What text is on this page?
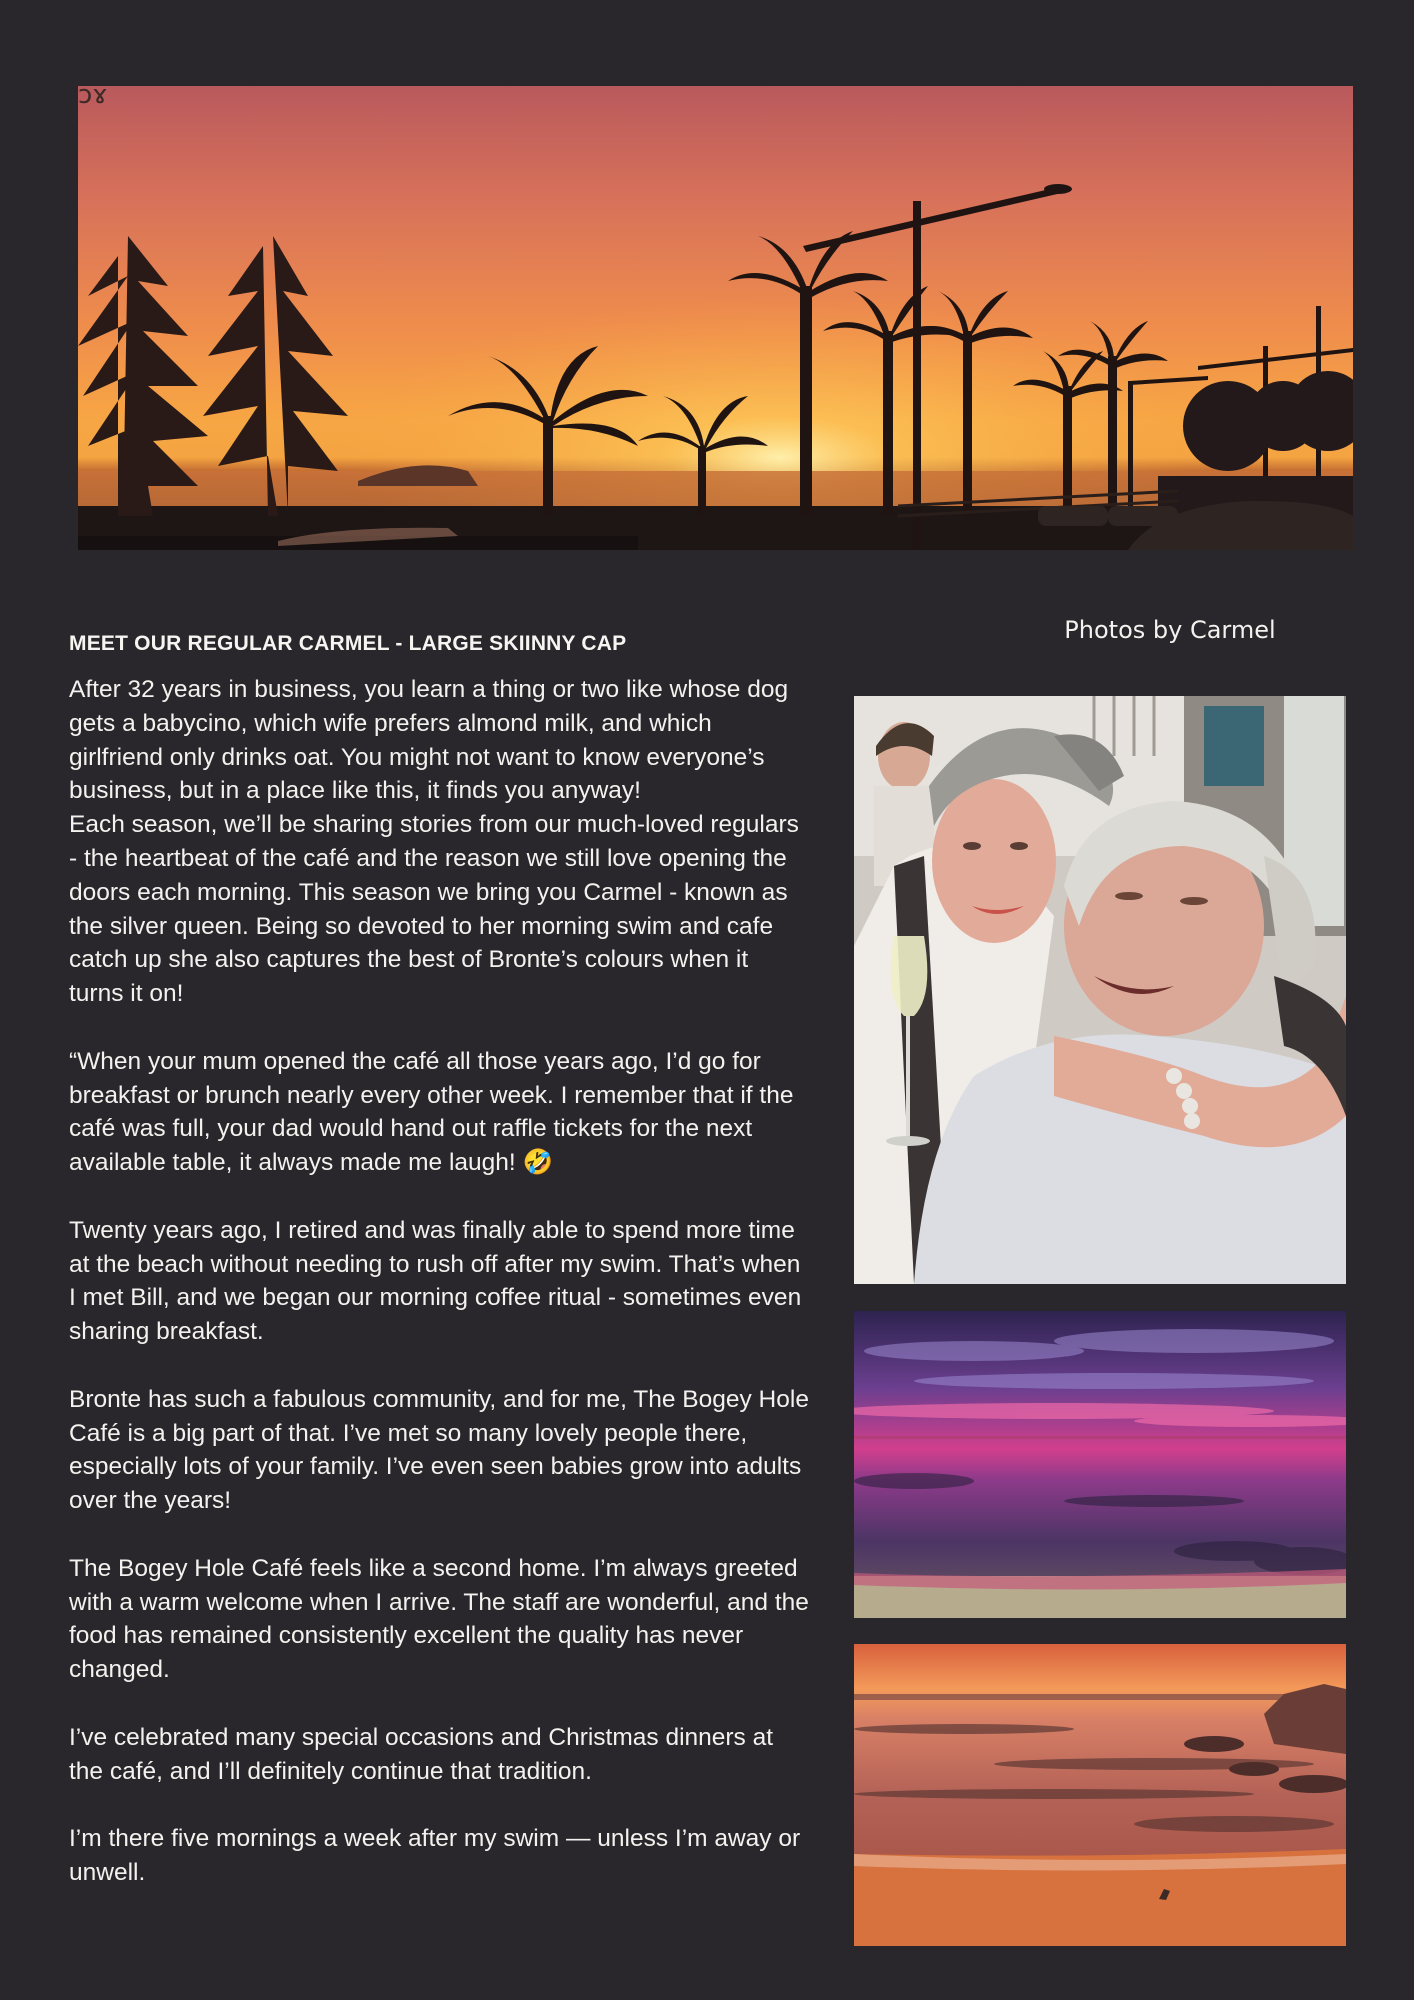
ɔɤ
MEET OUR REGULAR CARMEL - LARGE SKIINNY CAP	Photos by Carmel

After 32 years in business, you learn a thing or two like whose dog gets a babycino, which wife prefers almond milk, and which girlfriend only drinks oat. You might not want to know everyone’s business, but in a place like this, it finds you anyway!

Each season, we’ll be sharing stories from our much-loved regulars - the heartbeat of the café and the reason we still love opening the doors each morning. This season we bring you Carmel - known as the silver queen. Being so devoted to her morning swim and cafe catch up she also captures the best of Bronte’s colours when it turns it on!

“When your mum opened the café all those years ago, I’d go for breakfast or brunch nearly every other week. I remember that if the café was full, your dad would hand out raffle tickets for the next available table, it always made me laugh! 🤣

Twenty years ago, I retired and was finally able to spend more time at the beach without needing to rush off after my swim. That’s when I met Bill, and we began our morning coffee ritual - sometimes even sharing breakfast.

Bronte has such a fabulous community, and for me, The Bogey Hole Café is a big part of that. I’ve met so many lovely people there, especially lots of your family. I’ve even seen babies grow into adults over the years!

The Bogey Hole Café feels like a second home. I’m always greeted with a warm welcome when I arrive. The staff are wonderful, and the food has remained consistently excellent the quality has never changed.

I’ve celebrated many special occasions and Christmas dinners at the café, and I’ll definitely continue that tradition.

I’m there five mornings a week after my swim — unless I’m away or unwell.
